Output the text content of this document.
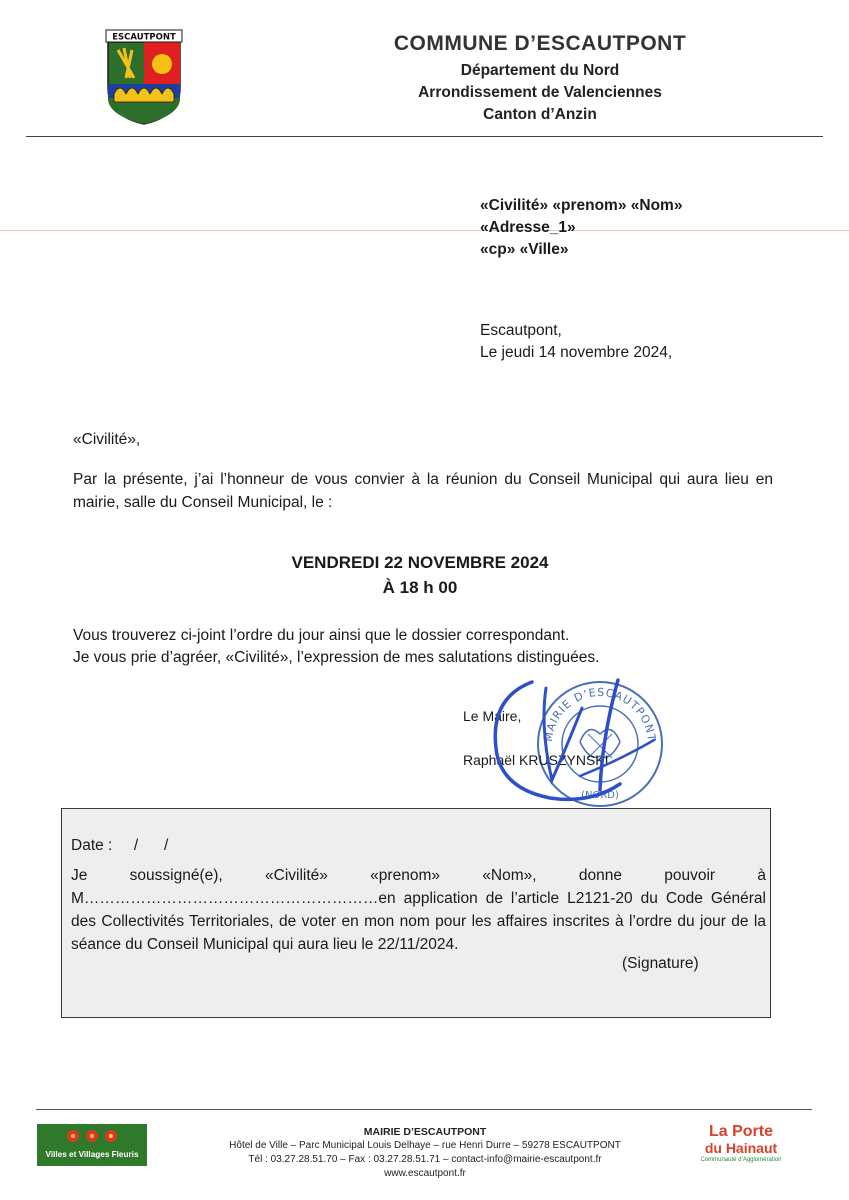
ESCAUTPONT	COMMUNE D’ESCAUTPONT
Département du Nord
Arrondissement de Valenciennes
Canton d’Anzin
«Civilité» «prenom» «Nom»
«Adresse_1»
«cp» «Ville»
Escautpont,
Le jeudi 14 novembre 2024,
«Civilité»,
Par la présente, j’ai l’honneur de vous convier à la réunion du Conseil Municipal qui aura lieu en mairie, salle du Conseil Municipal, le :
VENDREDI 22 NOVEMBRE 2024
À 18 h 00
Vous trouverez ci-joint l’ordre du jour ainsi que le dossier correspondant.
Je vous prie d’agréer, «Civilité», l’expression de mes salutations distinguées.
MAIRIE D’ESCAUTPONT
(NORD)
Le Maire,
Raphaël KRUSZYNSKI
Date :     /      /
Je soussigné(e), «Civilité» «prenom» «Nom», donne pouvoir à M…………………………………………………en application de l’article L2121-20 du Code Général des Collectivités Territoriales, de voter en mon nom pour les affaires inscrites à l’ordre du jour de la séance du Conseil Municipal qui aura lieu le 22/11/2024.
(Signature)
Villes et Villages Fleuris
MAIRIE D’ESCAUTPONT
Hôtel de Ville – Parc Municipal Louis Delhaye – rue Henri Durre – 59278 ESCAUTPONT
Tél : 03.27.28.51.70 – Fax : 03.27.28.51.71 – contact-info@mairie-escautpont.fr
www.escautpont.fr
La Porte
du Hainaut
Communauté d’Agglomération
